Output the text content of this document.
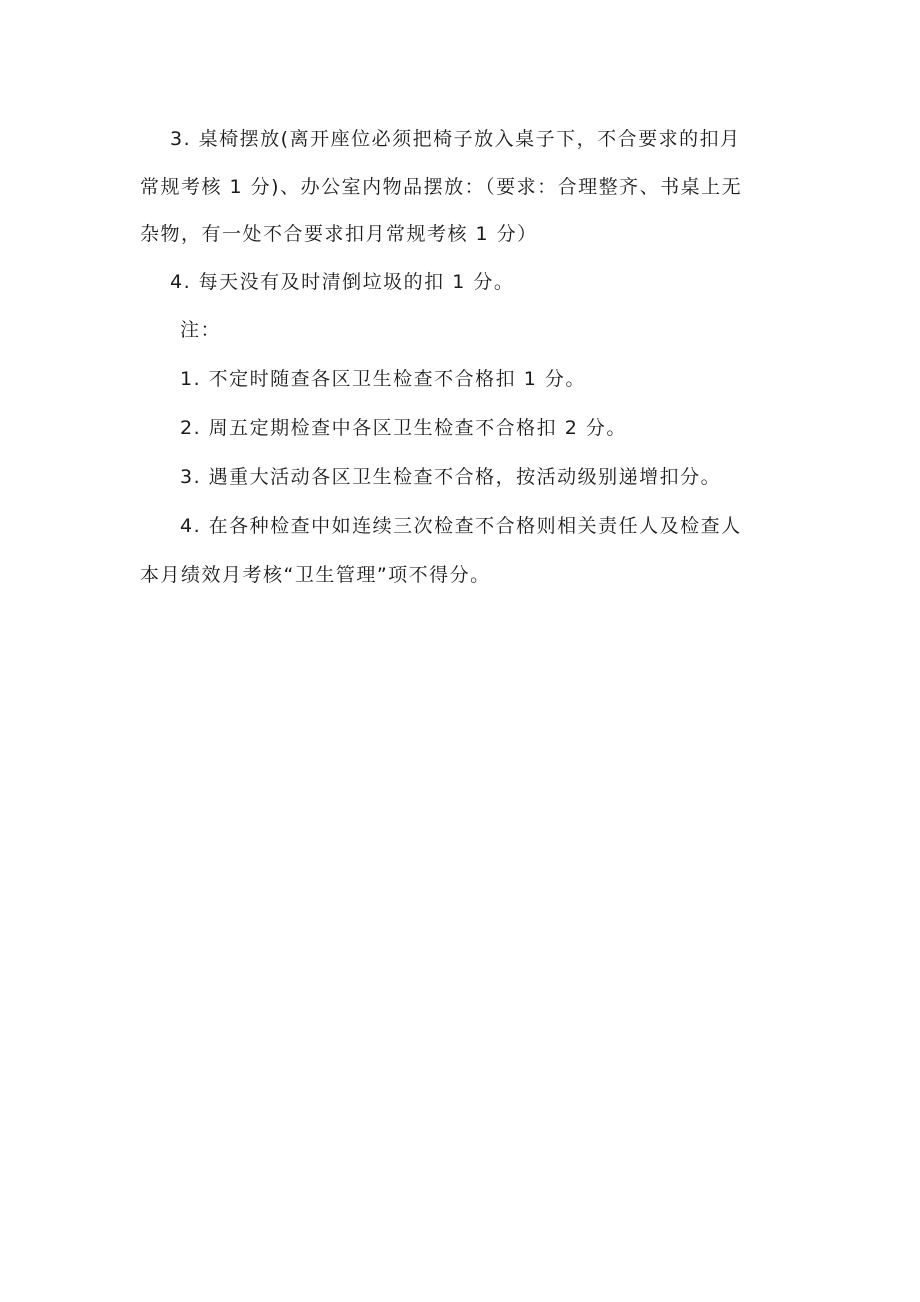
3. 桌椅摆放(离开座位必须把椅子放入桌子下，不合要求的扣月

常规考核 1 分)、办公室内物品摆放：（要求：合理整齐、书桌上无

杂物，有一处不合要求扣月常规考核 1 分）

4. 每天没有及时清倒垃圾的扣 1 分。

注：

1. 不定时随查各区卫生检查不合格扣 1 分。

2. 周五定期检查中各区卫生检查不合格扣 2 分。

3. 遇重大活动各区卫生检查不合格，按活动级别递增扣分。

4. 在各种检查中如连续三次检查不合格则相关责任人及检查人

本月绩效月考核“卫生管理”项不得分。
